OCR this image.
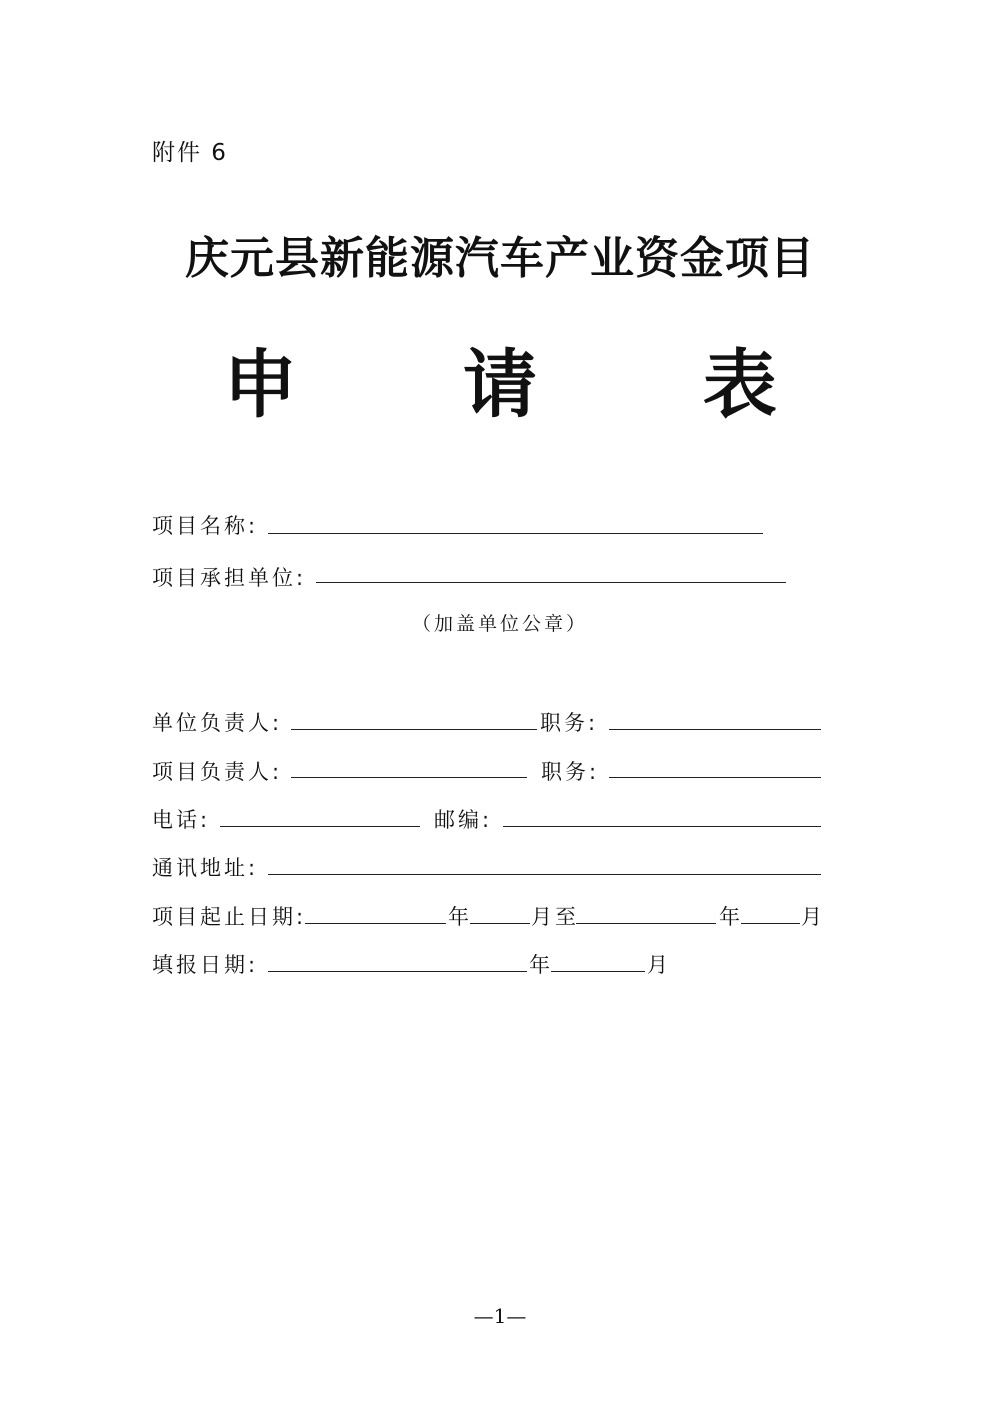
附件 6
庆元县新能源汽车产业资金项目
申 请 表
项目名称:
项目承担单位:
（加盖单位公章）
单位负责人:	职务:
项目负责人:	职务:
电话:	邮编:
通讯地址:
项目起止日期:	年	月至	年	月
填报日期:	年	月
—1—
